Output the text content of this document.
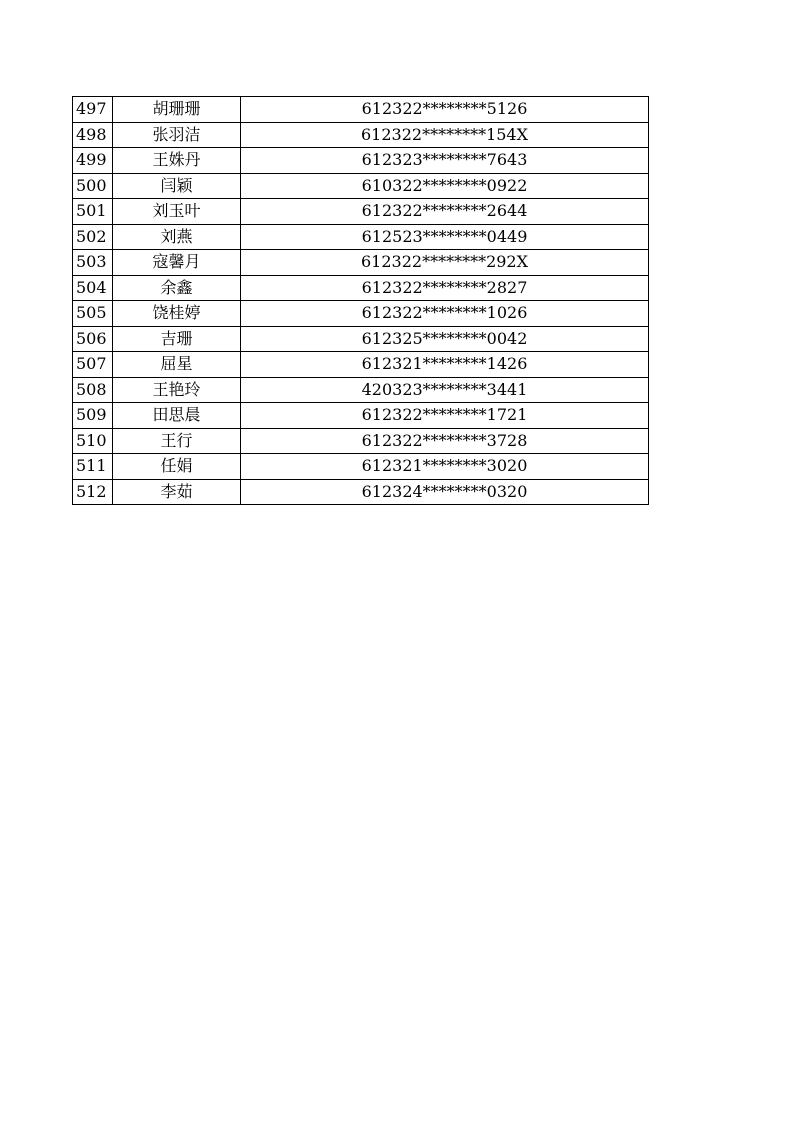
497	胡珊珊	612322********5126
498	张羽洁	612322********154X
499	王姝丹	612323********7643
500	闫颖	610322********0922
501	刘玉叶	612322********2644
502	刘燕	612523********0449
503	寇馨月	612322********292X
504	余鑫	612322********2827
505	饶桂婷	612322********1026
506	吉珊	612325********0042
507	屈星	612321********1426
508	王艳玲	420323********3441
509	田思晨	612322********1721
510	王行	612322********3728
511	任娟	612321********3020
512	李茹	612324********0320
